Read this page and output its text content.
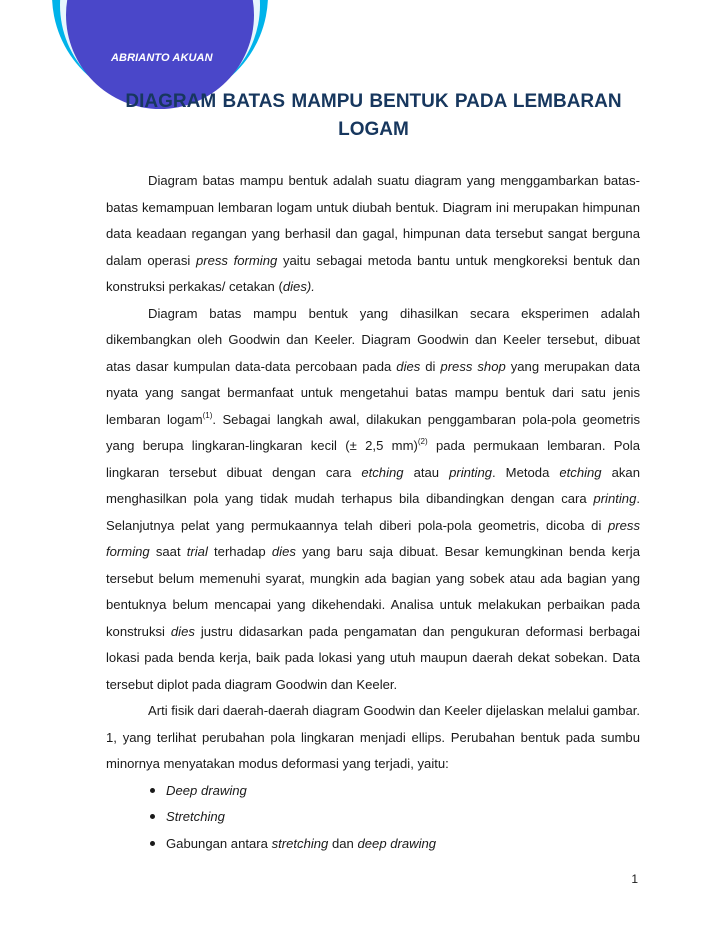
ABRIANTO AKUAN

DIAGRAM BATAS MAMPU BENTUK PADA LEMBARAN LOGAM

Diagram batas mampu bentuk adalah suatu diagram yang menggambarkan batas-batas kemampuan lembaran logam untuk diubah bentuk. Diagram ini merupakan himpunan data keadaan regangan yang berhasil dan gagal, himpunan data tersebut sangat berguna dalam operasi press forming yaitu sebagai metoda bantu untuk mengkoreksi bentuk dan konstruksi perkakas/ cetakan (dies).

Diagram batas mampu bentuk yang dihasilkan secara eksperimen adalah dikembangkan oleh Goodwin dan Keeler. Diagram Goodwin dan Keeler tersebut, dibuat atas dasar kumpulan data-data percobaan pada dies di press shop yang merupakan data nyata yang sangat bermanfaat untuk mengetahui batas mampu bentuk dari satu jenis lembaran logam$^{(1)}$. Sebagai langkah awal, dilakukan penggambaran pola-pola geometris yang berupa lingkaran-lingkaran kecil (± 2,5 mm)$^{(2)}$ pada permukaan lembaran. Pola lingkaran tersebut dibuat dengan cara etching atau printing. Metoda etching akan menghasilkan pola yang tidak mudah terhapus bila dibandingkan dengan cara printing. Selanjutnya pelat yang permukaannya telah diberi pola-pola geometris, dicoba di press forming saat trial terhadap dies yang baru saja dibuat. Besar kemungkinan benda kerja tersebut belum memenuhi syarat, mungkin ada bagian yang sobek atau ada bagian yang bentuknya belum mencapai yang dikehendaki. Analisa untuk melakukan perbaikan pada konstruksi dies justru didasarkan pada pengamatan dan pengukuran deformasi berbagai lokasi pada benda kerja, baik pada lokasi yang utuh maupun daerah dekat sobekan. Data tersebut diplot pada diagram Goodwin dan Keeler.

Arti fisik dari daerah-daerah diagram Goodwin dan Keeler dijelaskan melalui gambar. 1, yang terlihat perubahan pola lingkaran menjadi ellips. Perubahan bentuk pada sumbu minornya menyatakan modus deformasi yang terjadi, yaitu:

Deep drawing
Stretching
Gabungan antara stretching dan deep drawing

1
